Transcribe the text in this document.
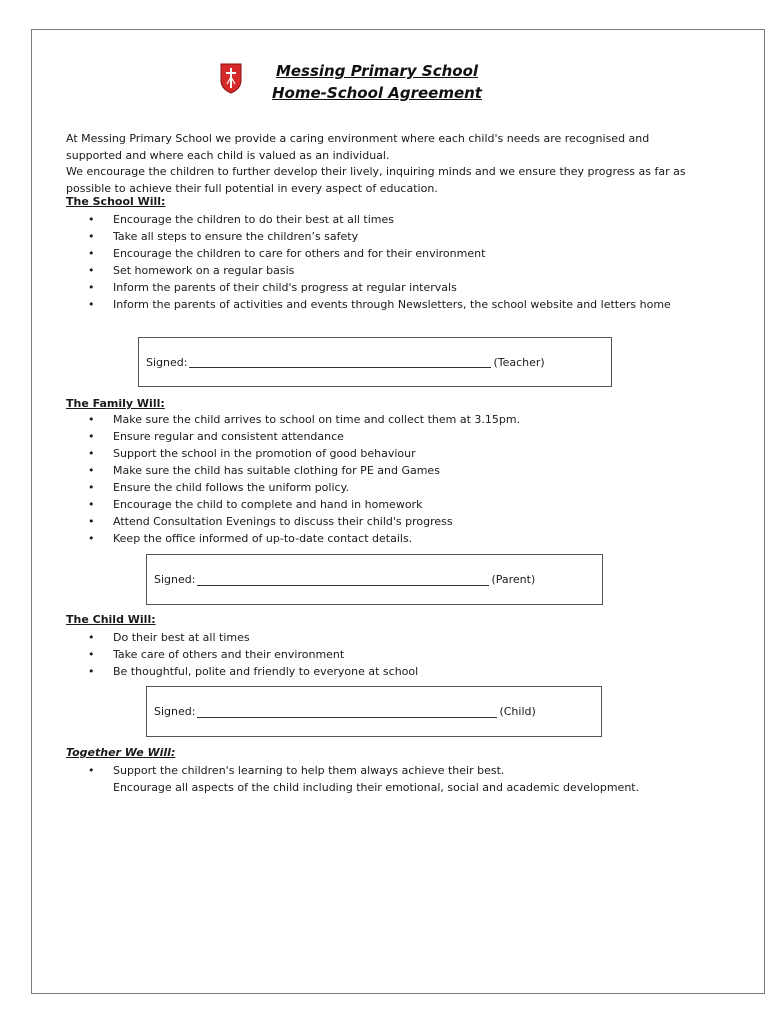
Messing Primary School
Home-School Agreement
At Messing Primary School we provide a caring environment where each child's needs are recognised and supported and where each child is valued as an individual.
We encourage the children to further develop their lively, inquiring minds and we ensure they progress as far as possible to achieve their full potential in every aspect of education.
The School Will:
• Encourage the children to do their best at all times
• Take all steps to ensure the children’s safety
• Encourage the children to care for others and for their environment
• Set homework on a regular basis
• Inform the parents of their child's progress at regular intervals
• Inform the parents of activities and events through Newsletters, the school website and letters home
Signed:	(Teacher)
The Family Will:
• Make sure the child arrives to school on time and collect them at 3.15pm.
• Ensure regular and consistent attendance
• Support the school in the promotion of good behaviour
• Make sure the child has suitable clothing for PE and Games
• Ensure the child follows the uniform policy.
• Encourage the child to complete and hand in homework
• Attend Consultation Evenings to discuss their child's progress
• Keep the office informed of up-to-date contact details.
Signed:	(Parent)
The Child Will:
• Do their best at all times
• Take care of others and their environment
• Be thoughtful, polite and friendly to everyone at school
Signed:	(Child)
Together We Will:
• Support the children's learning to help them always achieve their best.
Encourage all aspects of the child including their emotional, social and academic development.
